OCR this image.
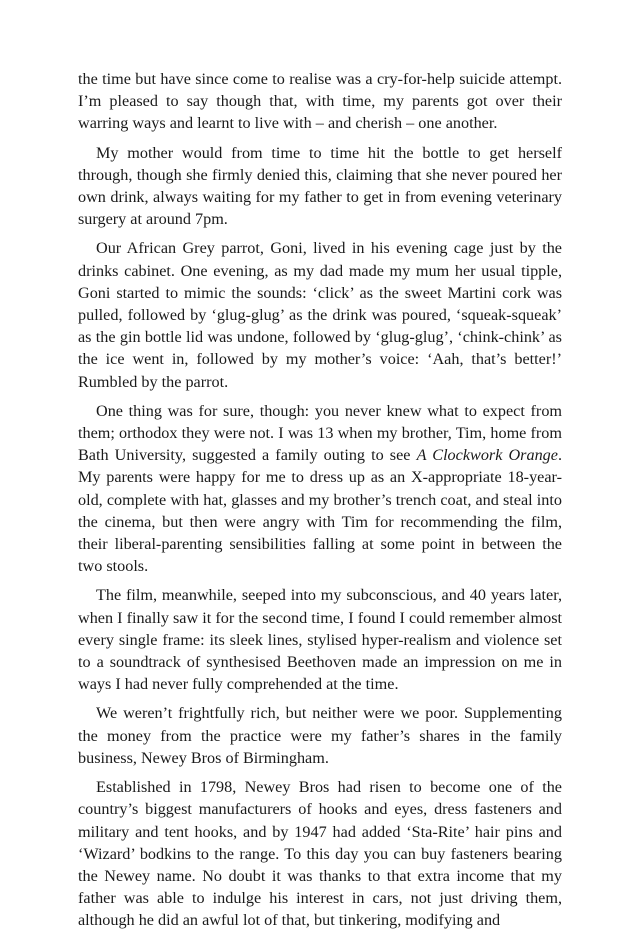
the time but have since come to realise was a cry-for-help suicide attempt. I’m pleased to say though that, with time, my parents got over their warring ways and learnt to live with – and cherish – one another.

My mother would from time to time hit the bottle to get herself through, though she firmly denied this, claiming that she never poured her own drink, always waiting for my father to get in from evening veterinary surgery at around 7pm.

Our African Grey parrot, Goni, lived in his evening cage just by the drinks cabinet. One evening, as my dad made my mum her usual tipple, Goni started to mimic the sounds: ‘click’ as the sweet Martini cork was pulled, followed by ‘glug-glug’ as the drink was poured, ‘squeak-squeak’ as the gin bottle lid was undone, followed by ‘glug-glug’, ‘chink-chink’ as the ice went in, followed by my mother’s voice: ‘Aah, that’s better!’ Rumbled by the parrot.

One thing was for sure, though: you never knew what to expect from them; orthodox they were not. I was 13 when my brother, Tim, home from Bath University, suggested a family outing to see A Clockwork Orange. My parents were happy for me to dress up as an X-appropriate 18-year-old, complete with hat, glasses and my brother’s trench coat, and steal into the cinema, but then were angry with Tim for recommending the film, their liberal-parenting sensibilities falling at some point in between the two stools.

The film, meanwhile, seeped into my subconscious, and 40 years later, when I finally saw it for the second time, I found I could remember almost every single frame: its sleek lines, stylised hyper-realism and violence set to a soundtrack of synthesised Beethoven made an impression on me in ways I had never fully comprehended at the time.

We weren’t frightfully rich, but neither were we poor. Supplementing the money from the practice were my father’s shares in the family business, Newey Bros of Birmingham.

Established in 1798, Newey Bros had risen to become one of the country’s biggest manufacturers of hooks and eyes, dress fasteners and military and tent hooks, and by 1947 had added ‘Sta-Rite’ hair pins and ‘Wizard’ bodkins to the range. To this day you can buy fasteners bearing the Newey name. No doubt it was thanks to that extra income that my father was able to indulge his interest in cars, not just driving them, although he did an awful lot of that, but tinkering, modifying and
